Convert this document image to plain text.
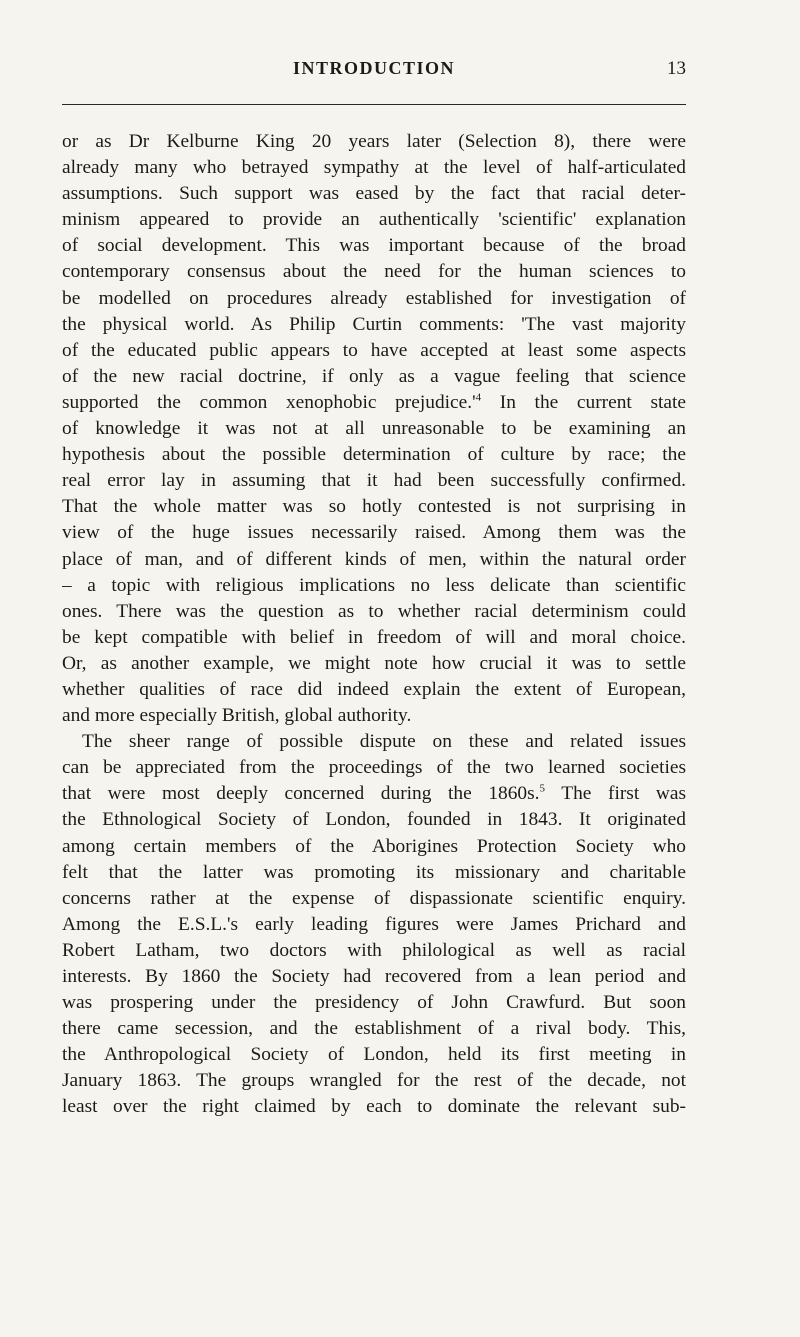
INTRODUCTION	13

or as Dr Kelburne King 20 years later (Selection 8), there were
already many who betrayed sympathy at the level of half-articulated
assumptions. Such support was eased by the fact that racial deter-
minism appeared to provide an authentically 'scientific' explanation
of social development. This was important because of the broad
contemporary consensus about the need for the human sciences to
be modelled on procedures already established for investigation of
the physical world. As Philip Curtin comments: 'The vast majority
of the educated public appears to have accepted at least some aspects
of the new racial doctrine, if only as a vague feeling that science
supported the common xenophobic prejudice.'$^4$ In the current state
of knowledge it was not at all unreasonable to be examining an
hypothesis about the possible determination of culture by race; the
real error lay in assuming that it had been successfully confirmed.
That the whole matter was so hotly contested is not surprising in
view of the huge issues necessarily raised. Among them was the
place of man, and of different kinds of men, within the natural order
– a topic with religious implications no less delicate than scientific
ones. There was the question as to whether racial determinism could
be kept compatible with belief in freedom of will and moral choice.
Or, as another example, we might note how crucial it was to settle
whether qualities of race did indeed explain the extent of European,
and more especially British, global authority.

The sheer range of possible dispute on these and related issues
can be appreciated from the proceedings of the two learned societies
that were most deeply concerned during the 1860s.$^5$ The first was
the Ethnological Society of London, founded in 1843. It originated
among certain members of the Aborigines Protection Society who
felt that the latter was promoting its missionary and charitable
concerns rather at the expense of dispassionate scientific enquiry.
Among the E.S.L.'s early leading figures were James Prichard and
Robert Latham, two doctors with philological as well as racial
interests. By 1860 the Society had recovered from a lean period and
was prospering under the presidency of John Crawfurd. But soon
there came secession, and the establishment of a rival body. This,
the Anthropological Society of London, held its first meeting in
January 1863. The groups wrangled for the rest of the decade, not
least over the right claimed by each to dominate the relevant sub-
